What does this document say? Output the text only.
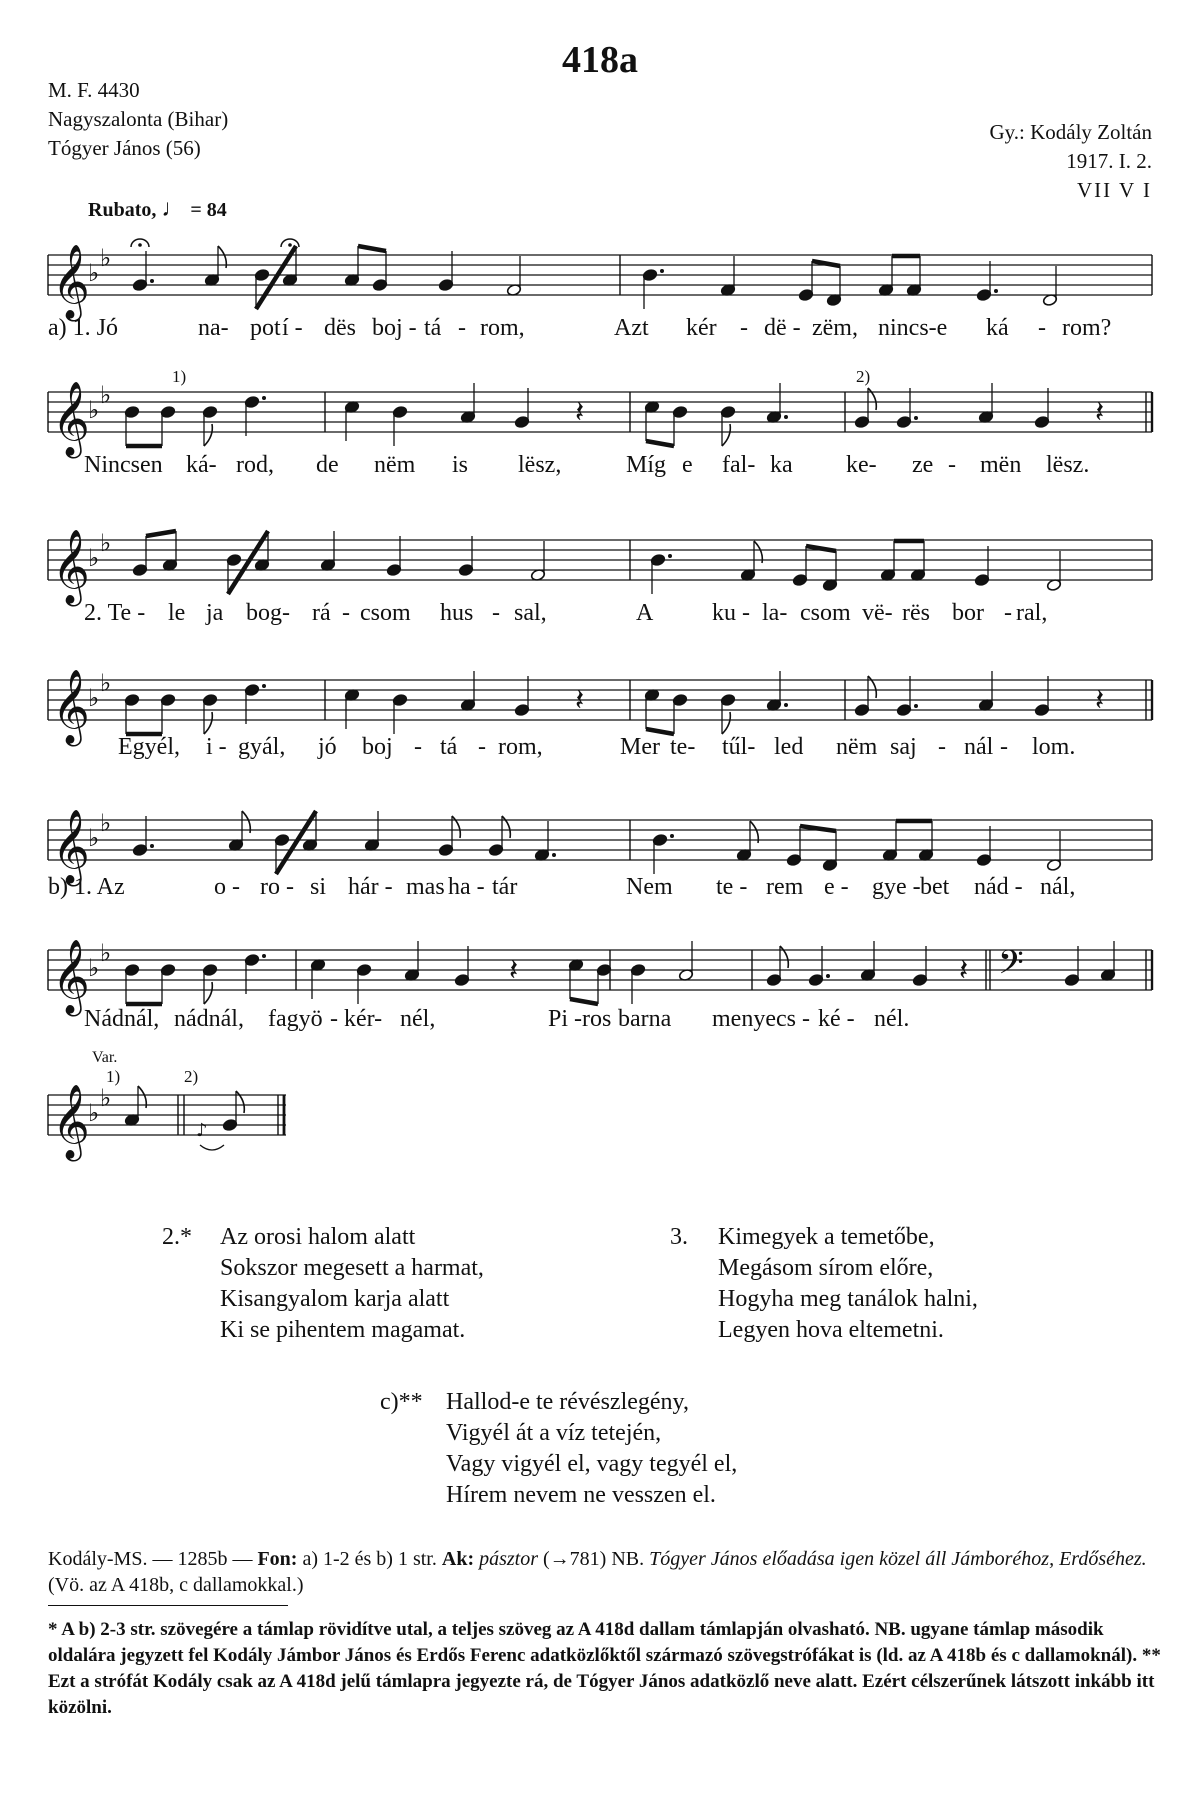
418a
M. F. 4430
Nagyszalonta (Bihar)
Tógyer János (56)
Gy.: Kodály Zoltán
1917. I. 2.
VII V I
Rubato, ♩ = 84
𝄞
♭
♭
𝄞
♭
♭	𝄽	𝄽
1)	2)
𝄞
♭
♭
𝄞
♭
♭	𝄽	𝄽
𝄞
♭
♭
𝄞
♭
♭	𝄽	𝄽 𝄢
𝄞
♭
♭
♪
Var.
1)	2)
a) 1. Jó	na- pot í - dës boj - tá - rom,	Azt kér - dë - zëm, nincs-e ká - rom?
Nincsen ká- rod, de nëm is lësz,	Míg e fal- ka ke- ze - mën lësz.
2. Te - le ja bog- rá - csom hus - sal,	A ku - la- csom vë- rës bor - ral,
Egyél, i - gyál, jó boj - tá - rom,	Mer te- tűl- led nëm saj - nál - lom.
b) 1. Az	o - ro - si hár - mas ha - tár	Nem te - rem e - gye - bet nád - nál,
Nádnál, nádnál, fagyö - kér- nél,	Pi - ros barna menyecs - ké - nél.
2.* Az orosi halom alatt
Sokszor megesett a harmat,
Kisangyalom karja alatt
Ki se pihentem magamat.
3. Kimegyek a temetőbe,
Megásom sírom előre,
Hogyha meg tanálok halni,
Legyen hova eltemetni.
c)** Hallod-e te révészlegény,
Vigyél át a víz tetején,
Vagy vigyél el, vagy tegyél el,
Hírem nevem ne vesszen el.
Kodály-MS. — 1285b — Fon: a) 1-2 és b) 1 str. Ak: pásztor (→781) NB. Tógyer János előadása igen közel áll Jámboréhoz, Erdőséhez. (Vö. az A 418b, c dallamokkal.)
* A b) 2-3 str. szövegére a támlap rövidítve utal, a teljes szöveg az A 418d dallam támlapján olvasható. NB. ugyane támlap második oldalára jegyzett fel Kodály Jámbor János és Erdős Ferenc adatközlőktől származó szövegstrófákat is (ld. az A 418b és c dallamoknál). ** Ezt a strófát Kodály csak az A 418d jelű támlapra jegyezte rá, de Tógyer János adatközlő neve alatt. Ezért célszerűnek látszott inkább itt közölni.
